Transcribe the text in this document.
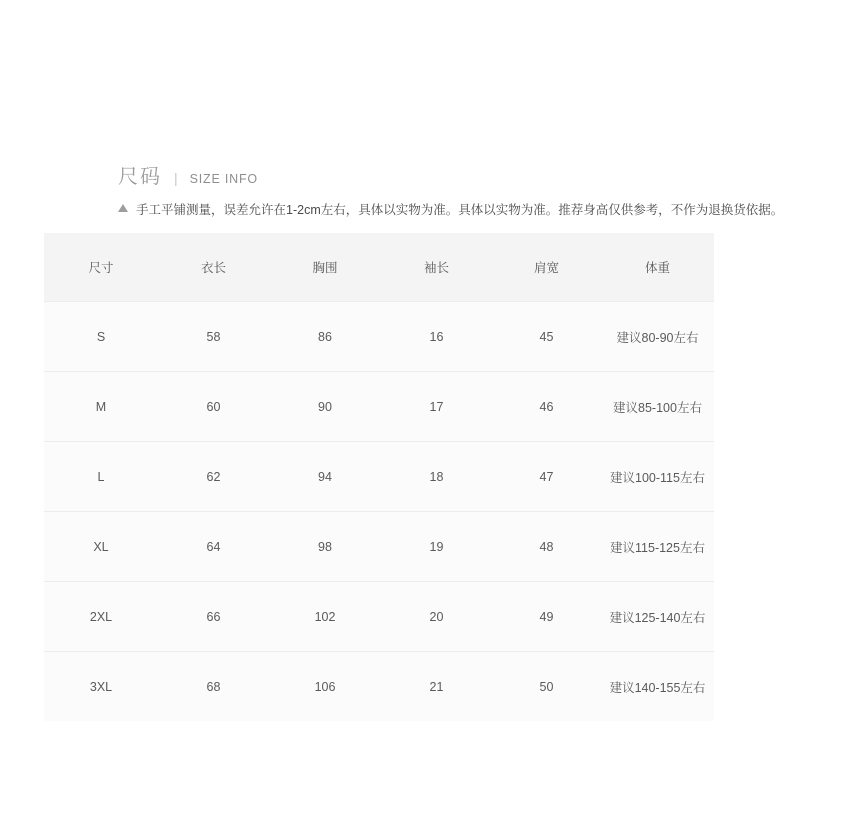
尺码 | SIZE INFO
手工平铺测量，误差允许在1-2cm左右，具体以实物为准。具体以实物为准。推荐身高仅供参考，不作为退换货依据。
尺寸	衣长	胸围	袖长	肩宽	体重
S	58	86	16	45	建议80-90左右
M	60	90	17	46	建议85-100左右
L	62	94	18	47	建议100-115左右
XL	64	98	19	48	建议115-125左右
2XL	66	102	20	49	建议125-140左右
3XL	68	106	21	50	建议140-155左右
